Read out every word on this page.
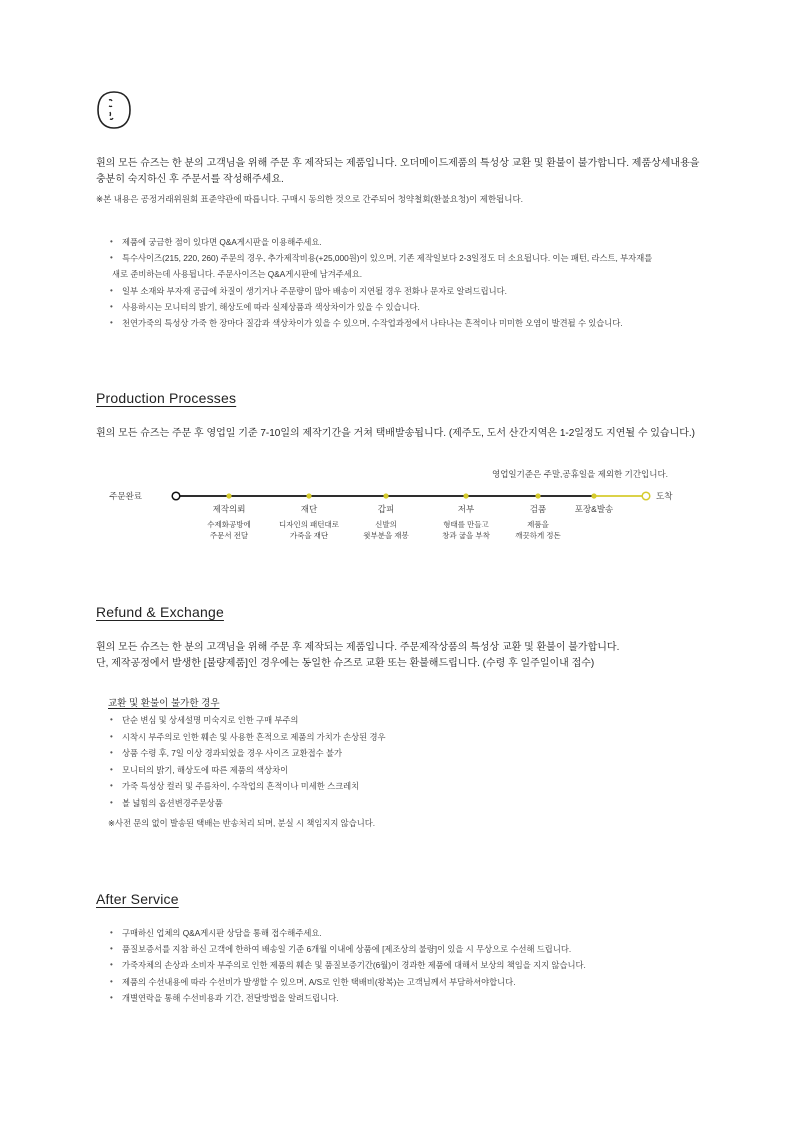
휜의 모든 슈즈는 한 분의 고객님을 위해 주문 후 제작되는 제품입니다. 오더메이드제품의 특성상 교환 및 환불이 불가합니다. 제품상세내용을

충분히 숙지하신 후 주문서를 작성해주세요.

※본 내용은 공정거래위원회 표준약관에 따릅니다. 구매시 동의한 것으로 간주되어 청약철회(환불요청)이 제한됩니다.
• 제품에 궁금한 점이 있다면 Q&A게시판을 이용해주세요.
• 특수사이즈(215, 220, 260) 주문의 경우, 추가제작비용(+25,000원)이 있으며, 기존 제작일보다 2-3일정도 더 소요됩니다. 이는 패턴, 라스트, 부자재를
새로 준비하는데 사용됩니다. 주문사이즈는 Q&A게시판에 남겨주세요.
• 일부 소재와 부자재 공급에 차질이 생기거나 주문량이 많아 배송이 지연될 경우 전화나 문자로 알려드립니다.
• 사용하시는 모니터의 밝기, 해상도에 따라 실제상품과 색상차이가 있을 수 있습니다.
• 천연가죽의 특성상 가죽 한 장마다 질감과 색상차이가 있을 수 있으며, 수작업과정에서 나타나는 흔적이나 미미한 오염이 발견될 수 있습니다.
Production Processes

휜의 모든 슈즈는 주문 후 영업일 기준 7-10일의 제작기간을 거쳐 택배발송됩니다. (제주도, 도서 산간지역은 1-2일정도 지연될 수 있습니다.)

영업일기준은 주말,공휴일을 제외한 기간입니다.
주문완료	도착
제작의뢰
수제화공방에
주문서 전달
재단
디자인의 패턴대로
가죽을 재단
갑피
신발의
윗부분을 재봉
저부
형태를 만들고
창과 굽을 부착
검품
제품을
깨끗하게 정돈
포장&발송
Refund & Exchange

휜의 모든 슈즈는 한 분의 고객님을 위해 주문 후 제작되는 제품입니다. 주문제작상품의 특성상 교환 및 환불이 불가합니다.

단, 제작공정에서 발생한 [불량제품]인 경우에는 동일한 슈즈로 교환 또는 환불해드립니다. (수령 후 일주일이내 접수)

교환 및 환불이 불가한 경우
• 단순 변심 및 상세설명 미숙지로 인한 구매 부주의
• 시착시 부주의로 인한 훼손 및 사용한 흔적으로 제품의 가치가 손상된 경우
• 상품 수령 후, 7일 이상 경과되었을 경우 사이즈 교환접수 불가
• 모니터의 밝기, 해상도에 따른 제품의 색상차이
• 가죽 특성상 컬러 및 주름차이, 수작업의 흔적이나 미세한 스크레치
• 볼 넓힘의 옵션변경주문상품
※사전 문의 없이 발송된 택배는 반송처리 되며, 분실 시 책임지지 않습니다.
After Service
• 구매하신 업체의 Q&A게시판 상담을 통해 접수해주세요.
• 품질보증서를 지참 하신 고객에 한하여 배송일 기준 6개월 이내에 상품에 [제조상의 불량]이 있을 시 무상으로 수선해 드립니다.
• 가죽자체의 손상과 소비자 부주의로 인한 제품의 훼손 및 품질보증기간(6월)이 경과한 제품에 대해서 보상의 책임을 지지 않습니다.
• 제품의 수선내용에 따라 수선비가 발생할 수 있으며, A/S로 인한 택배비(왕복)는 고객님께서 부담하셔야합니다.
• 개별연락을 통해 수선비용과 기간, 전달방법을 알려드립니다.
